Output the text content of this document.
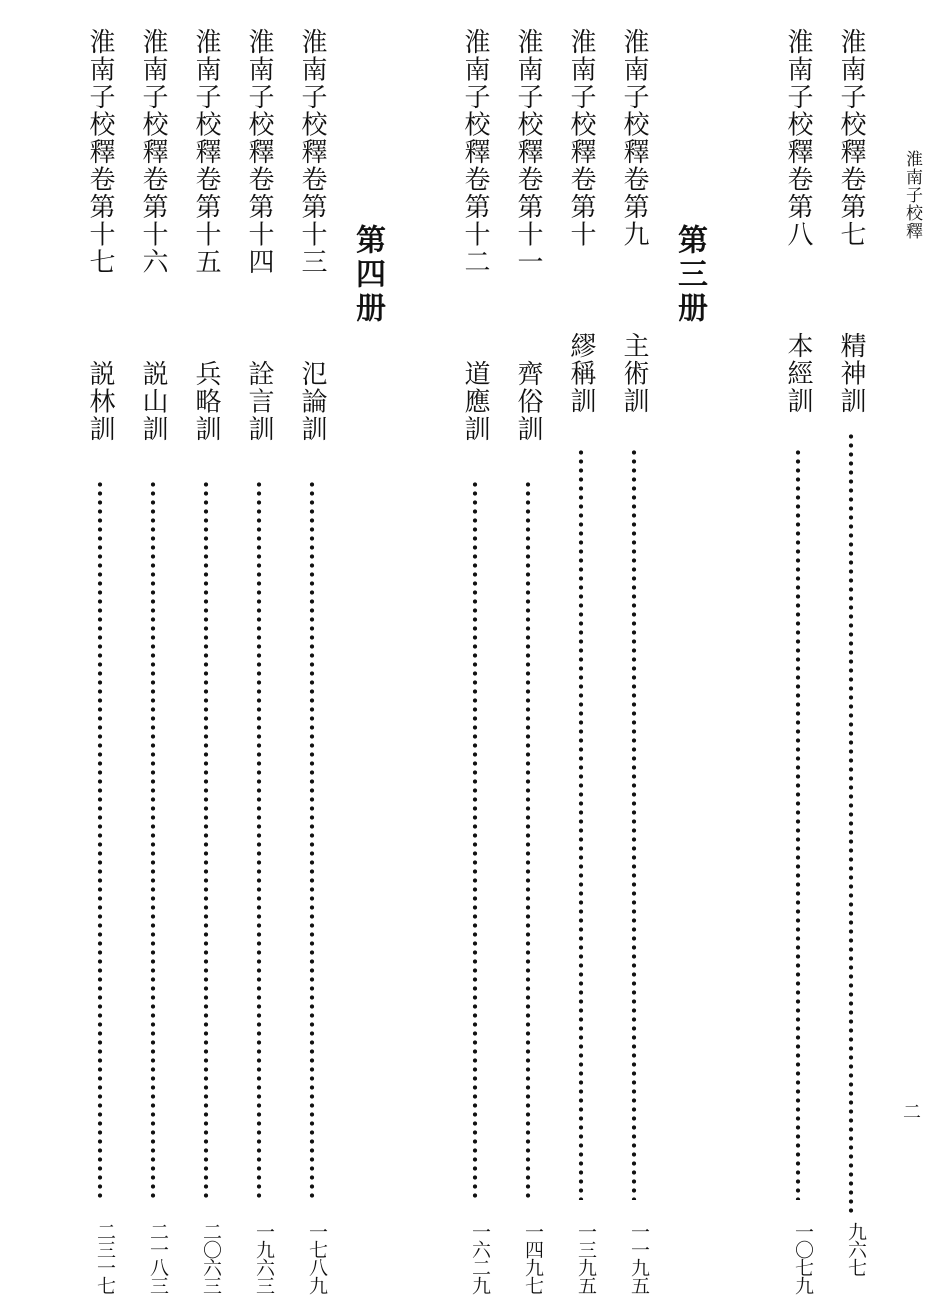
淮南子校釋
二
淮南子校釋卷第七
精神訓
九六七
淮南子校釋卷第八
本經訓
一〇七九
第三册
淮南子校釋卷第九
主術訓
一一九五
淮南子校釋卷第十
繆稱訓
一三九五
淮南子校釋卷第十一
齊俗訓
一四九七
淮南子校釋卷第十二
道應訓
一六二九
第四册
淮南子校釋卷第十三
氾論訓
一七八九
淮南子校釋卷第十四
詮言訓
一九六三
淮南子校釋卷第十五
兵略訓
二〇六三
淮南子校釋卷第十六
説山訓
二一八三
淮南子校釋卷第十七
説林訓
二三一七
